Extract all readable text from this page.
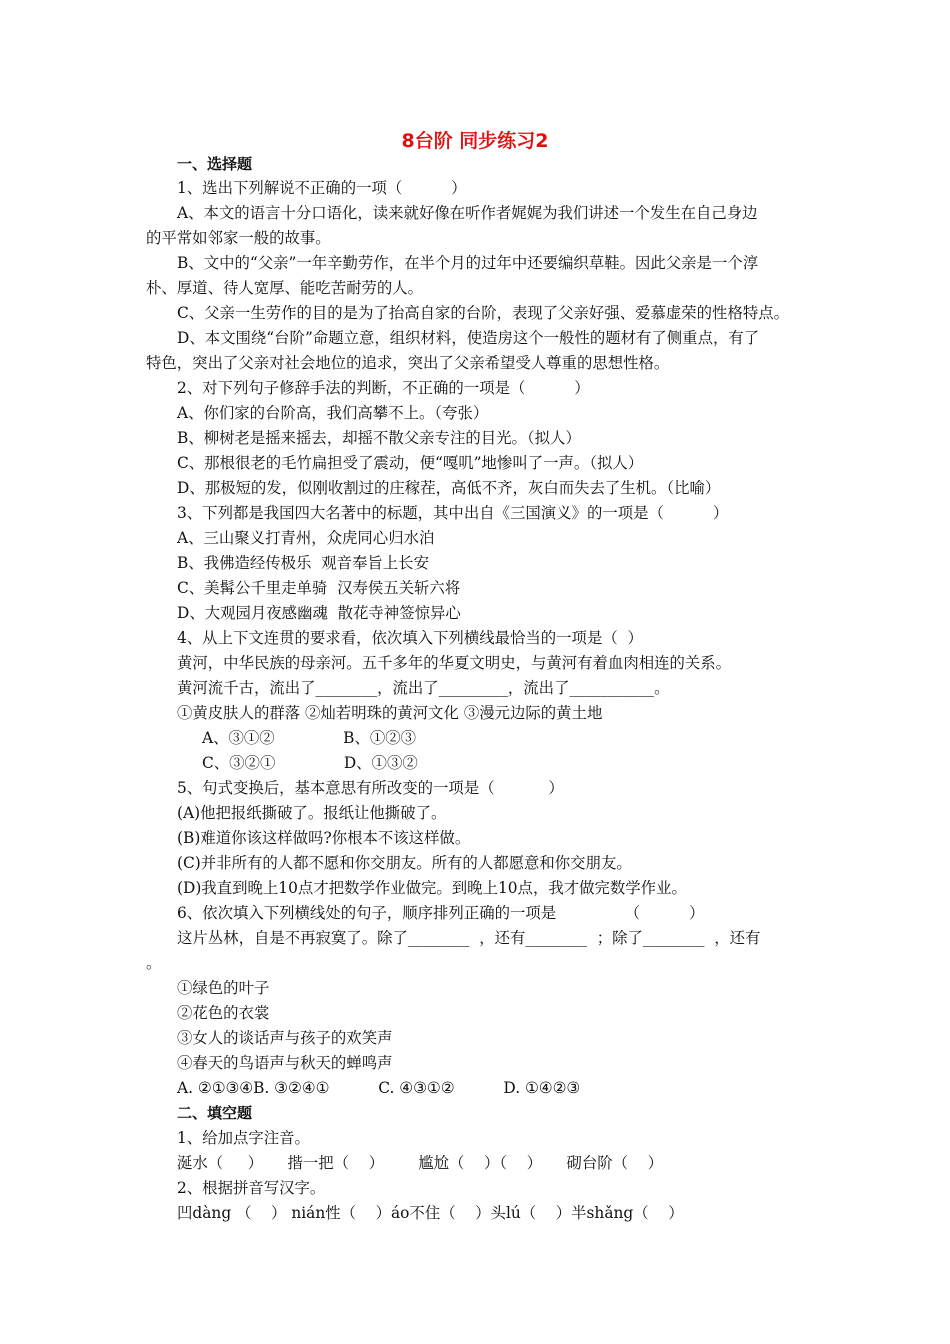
8台阶 同步练习2
一、选择题
1、选出下列解说不正确的一项（          ）
A、本文的语言十分口语化，读来就好像在听作者娓娓为我们讲述一个发生在自己身边
的平常如邻家一般的故事。
B、文中的“父亲”一年辛勤劳作，在半个月的过年中还要编织草鞋。因此父亲是一个淳
朴、厚道、待人宽厚、能吃苦耐劳的人。
C、父亲一生劳作的目的是为了抬高自家的台阶，表现了父亲好强、爱慕虚荣的性格特点。
D、本文围绕“台阶”命题立意，组织材料，使造房这个一般性的题材有了侧重点，有了
特色，突出了父亲对社会地位的追求，突出了父亲希望受人尊重的思想性格。
2、对下列句子修辞手法的判断，不正确的一项是（          ）
A、你们家的台阶高，我们高攀不上。（夸张）
B、柳树老是摇来摇去，却摇不散父亲专注的目光。（拟人）
C、那根很老的毛竹扁担受了震动，便“嘎叽”地惨叫了一声。（拟人）
D、那极短的发，似刚收割过的庄稼茬，高低不齐，灰白而失去了生机。（比喻）
3、下列都是我国四大名著中的标题，其中出自《三国演义》的一项是（          ）
A、三山聚义打青州，众虎同心归水泊
B、我佛造经传极乐  观音奉旨上长安
C、美髯公千里走单骑  汉寿侯五关斩六将
D、大观园月夜感幽魂  散花寺神签惊异心
4、从上下文连贯的要求看，依次填入下列横线最恰当的一项是（  ）
黄河，中华民族的母亲河。五千多年的华夏文明史，与黄河有着血肉相连的关系。
黄河流千古，流出了________，流出了_________，流出了___________。
①黄皮肤人的群落 ②灿若明珠的黄河文化 ③漫元边际的黄土地
A、③①②              B、①②③
C、③②①              D、①③②
5、句式变换后，基本意思有所改变的一项是（           ）
(A)他把报纸撕破了。报纸让他撕破了。
(B)难道你该这样做吗?你根本不该这样做。
(C)并非所有的人都不愿和你交朋友。所有的人都愿意和你交朋友。
(D)我直到晚上10点才把数学作业做完。到晚上10点，我才做完数学作业。
6、依次填入下列横线处的句子，顺序排列正确的一项是              （          ）
这片丛林，自是不再寂寞了。除了________  ，还有________  ；除了________  ，还有
。
①绿色的叶子
②花色的衣裳
③女人的谈话声与孩子的欢笑声
④春天的鸟语声与秋天的蝉鸣声
A. ②①③④B. ③②④①          C. ④③①②          D. ①④②③
二、填空题
1、给加点字注音。
涎水（     ）     揩一把（    ）       尴尬（    ）（    ）     砌台阶（    ）
2、根据拼音写汉字。
凹dàng （    ） nián性（    ）áo不住（    ）头lú（    ）半shǎng（    ）
